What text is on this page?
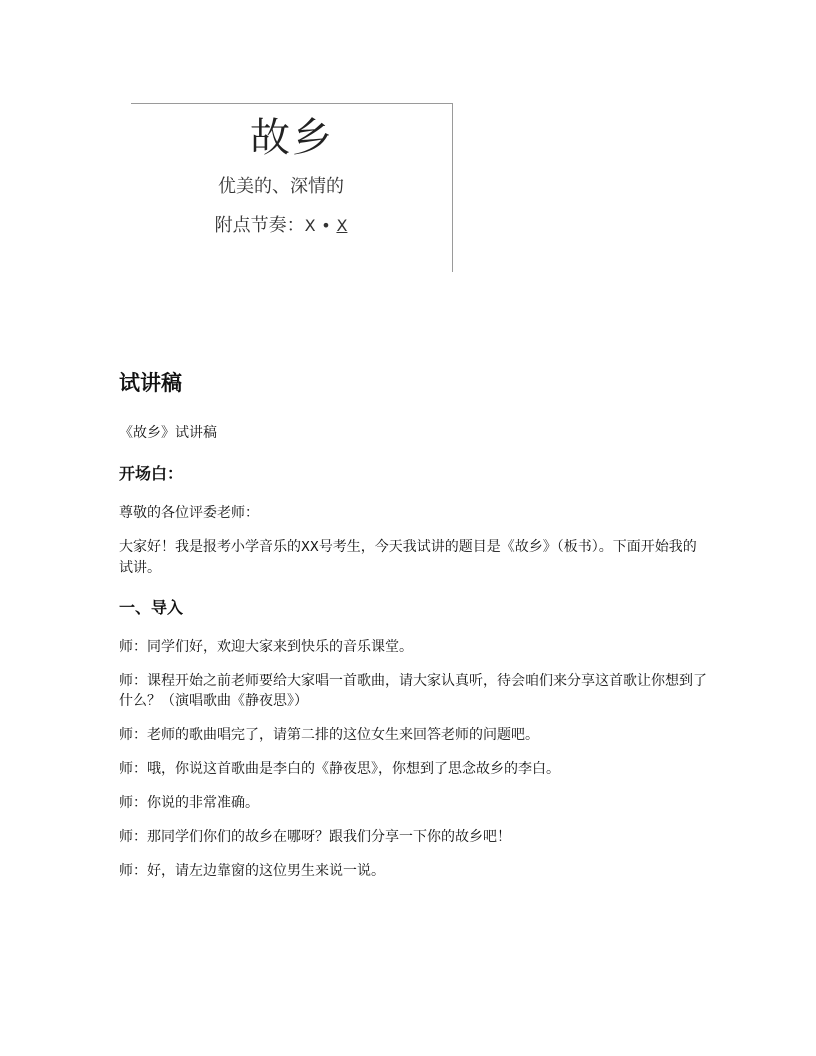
故乡
优美的、深情的
附点节奏：X • X
试讲稿

《故乡》试讲稿

开场白：

尊敬的各位评委老师：

大家好！我是报考小学音乐的XX号考生，今天我试讲的题目是《故乡》（板书）。下面开始我的试讲。

一、导入

师：同学们好，欢迎大家来到快乐的音乐课堂。

师：课程开始之前老师要给大家唱一首歌曲，请大家认真听，待会咱们来分享这首歌让你想到了什么？（演唱歌曲《静夜思》）

师：老师的歌曲唱完了，请第二排的这位女生来回答老师的问题吧。

师：哦，你说这首歌曲是李白的《静夜思》，你想到了思念故乡的李白。

师：你说的非常准确。

师：那同学们你们的故乡在哪呀？跟我们分享一下你的故乡吧！

师：好，请左边靠窗的这位男生来说一说。
